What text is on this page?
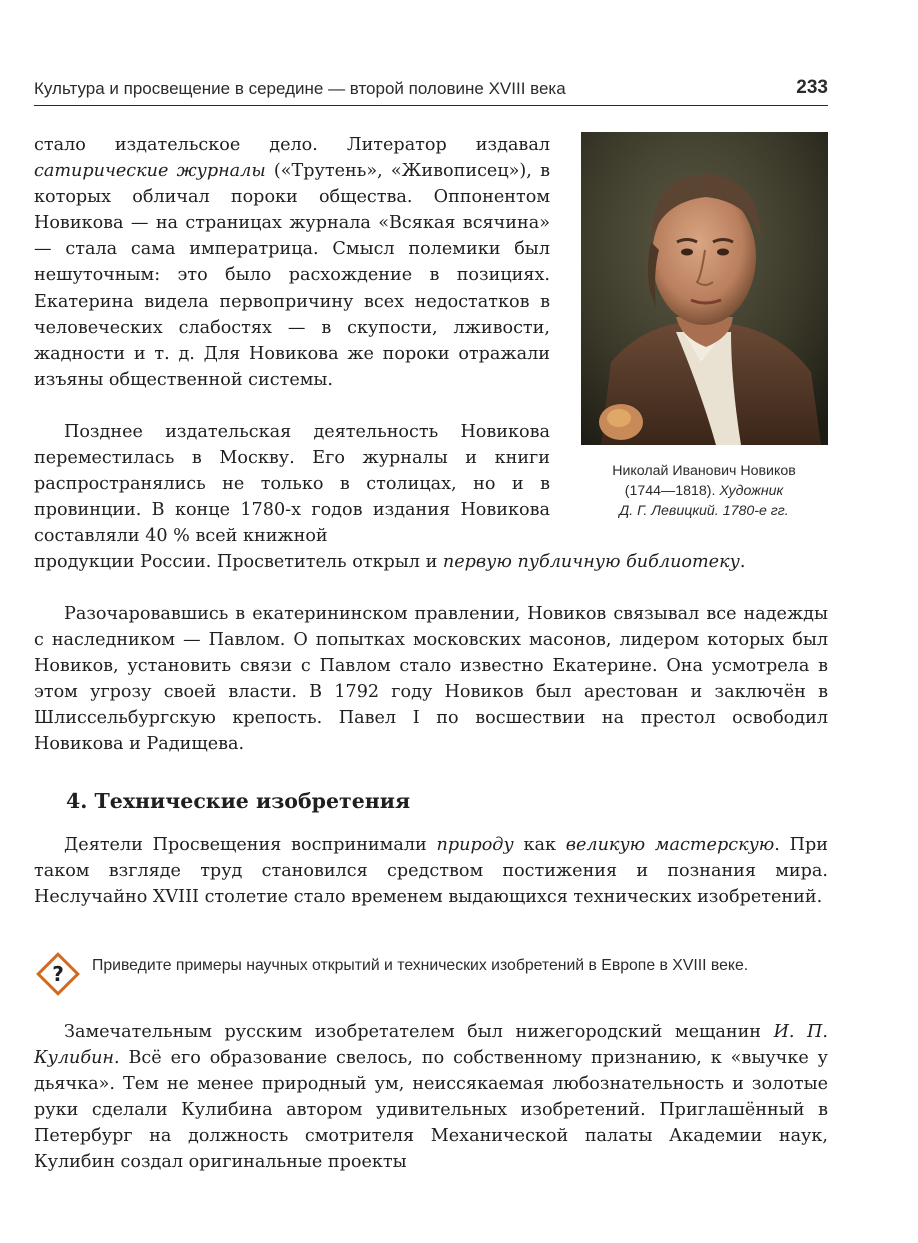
Культура и просвещение в середине — второй половине XVIII века	233

стало издательское дело. Литератор издавал сатирические журналы («Трутень», «Живописец»), в которых обличал пороки общества. Оппонентом Новикова — на страницах журнала «Всякая всячина» — стала сама императрица. Смысл полемики был нешуточным: это было расхождение в позициях. Екатерина видела первопричину всех недостатков в человеческих слабостях — в скупости, лживости, жадности и т. д. Для Новикова же пороки отражали изъяны общественной системы.

Позднее издательская деятельность Новикова переместилась в Москву. Его журналы и книги распространялись не только в столицах, но и в провинции. В конце 1780-х годов издания Новикова составляли 40 % всей книжной

продукции России. Просветитель открыл и первую публичную библиотеку.

Николай Иванович Новиков
(1744—1818). Художник
Д. Г. Левицкий. 1780-е гг.

Разочаровавшись в екатерининском правлении, Новиков связывал все надежды с наследником — Павлом. О попытках московских масонов, лидером которых был Новиков, установить связи с Павлом стало известно Екатерине. Она усмотрела в этом угрозу своей власти. В 1792 году Новиков был арестован и заключён в Шлиссельбургскую крепость. Павел I по восшествии на престол освободил Новикова и Радищева.

4. Технические изобретения

Деятели Просвещения воспринимали природу как великую мастерскую. При таком взгляде труд становился средством постижения и познания мира. Неслучайно XVIII столетие стало временем выдающихся технических изобретений.

? Приведите примеры научных открытий и технических изобретений в Европе в XVIII веке.

Замечательным русским изобретателем был нижегородский мещанин И. П. Кулибин. Всё его образование свелось, по собственному признанию, к «выучке у дьячка». Тем не менее природный ум, неиссякаемая любознательность и золотые руки сделали Кулибина автором удивительных изобретений. Приглашённый в Петербург на должность смотрителя Механической палаты Академии наук, Кулибин создал оригинальные проекты
